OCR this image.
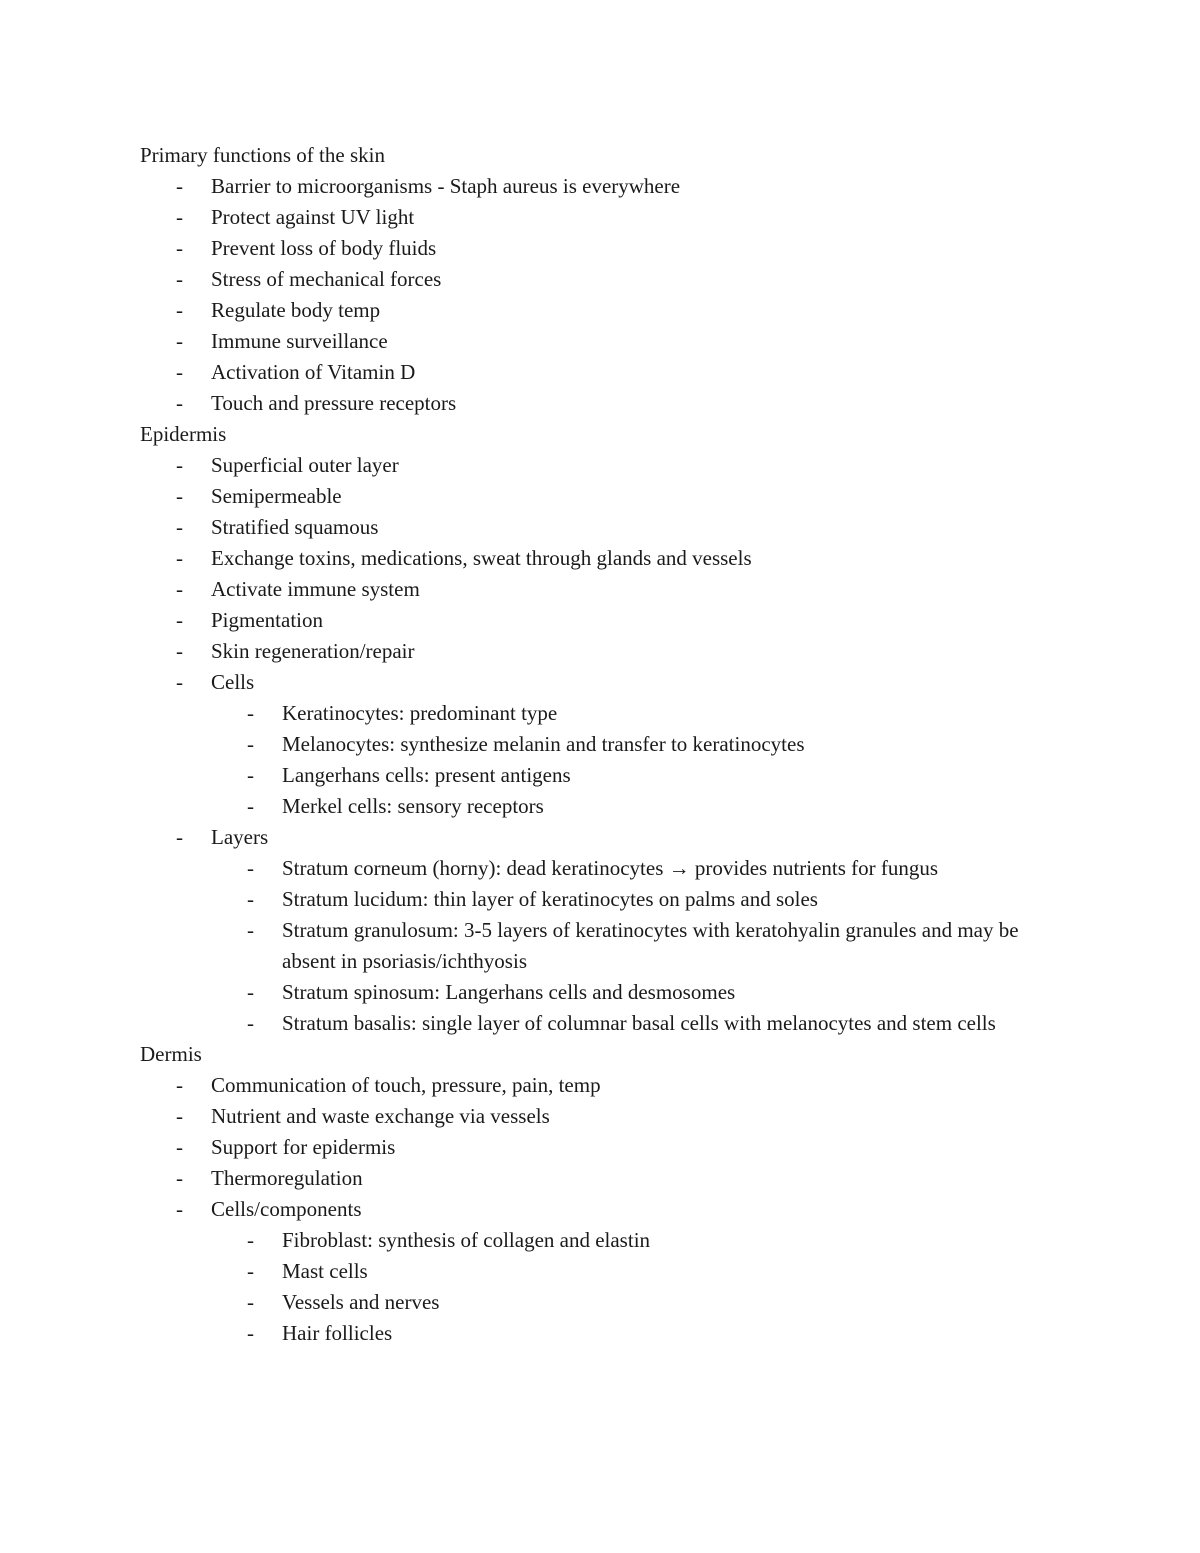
Primary functions of the skin
- Barrier to microorganisms - Staph aureus is everywhere
- Protect against UV light
- Prevent loss of body fluids
- Stress of mechanical forces
- Regulate body temp
- Immune surveillance
- Activation of Vitamin D
- Touch and pressure receptors
Epidermis
- Superficial outer layer
- Semipermeable
- Stratified squamous
- Exchange toxins, medications, sweat through glands and vessels
- Activate immune system
- Pigmentation
- Skin regeneration/repair
- Cells
- Keratinocytes: predominant type
- Melanocytes: synthesize melanin and transfer to keratinocytes
- Langerhans cells: present antigens
- Merkel cells: sensory receptors
- Layers
- Stratum corneum (horny): dead keratinocytes → provides nutrients for fungus
- Stratum lucidum: thin layer of keratinocytes on palms and soles
- Stratum granulosum: 3-5 layers of keratinocytes with keratohyalin granules and may be absent in psoriasis/ichthyosis
- Stratum spinosum: Langerhans cells and desmosomes
- Stratum basalis: single layer of columnar basal cells with melanocytes and stem cells
Dermis
- Communication of touch, pressure, pain, temp
- Nutrient and waste exchange via vessels
- Support for epidermis
- Thermoregulation
- Cells/components
- Fibroblast: synthesis of collagen and elastin
- Mast cells
- Vessels and nerves
- Hair follicles
